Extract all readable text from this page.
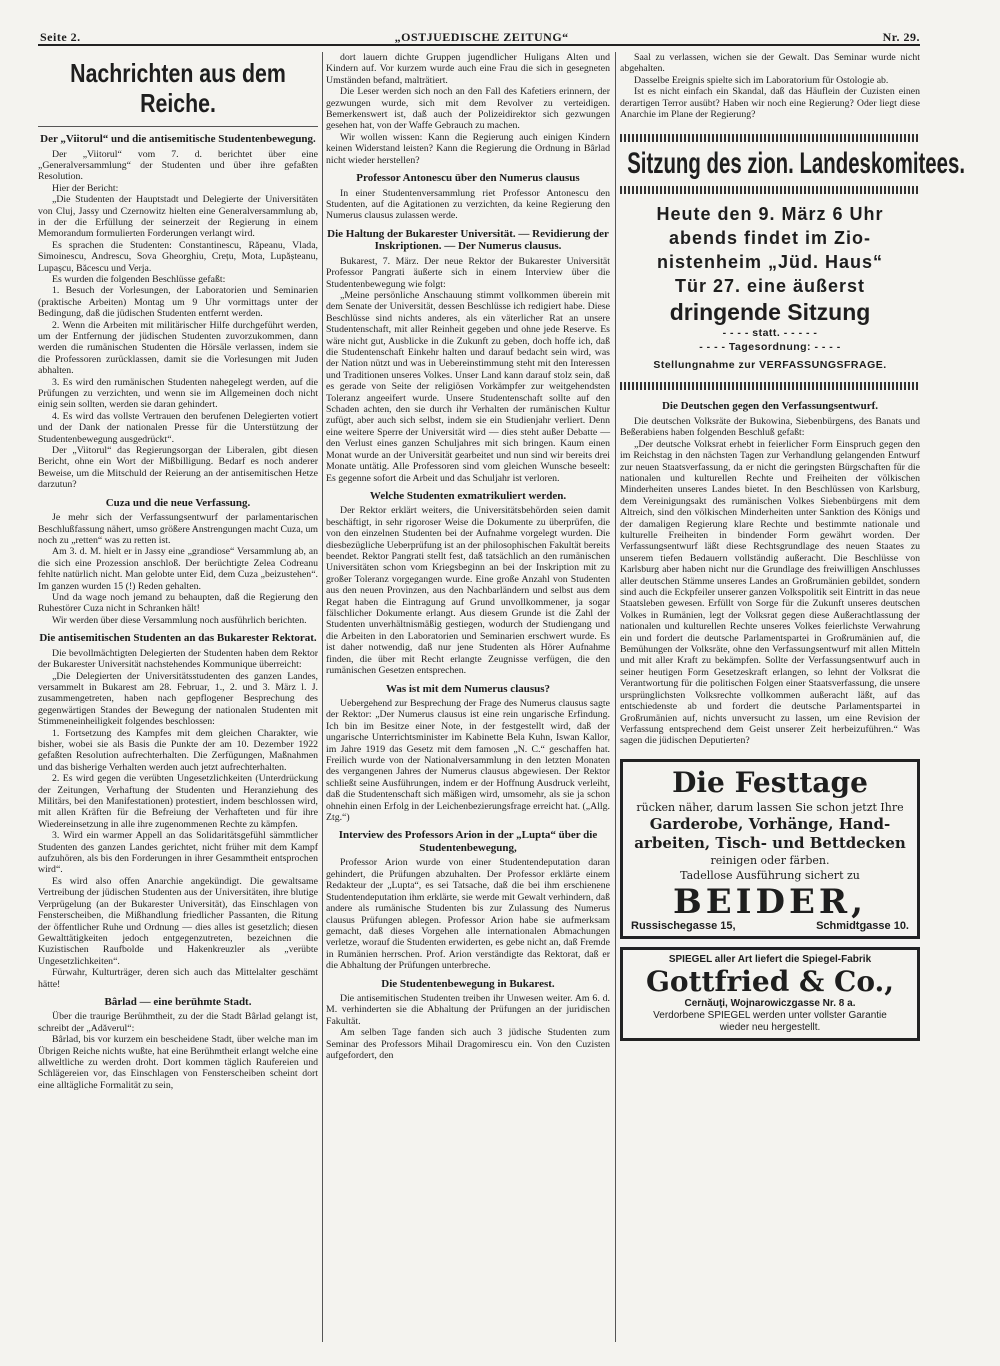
Seite 2.	„OSTJUEDISCHE ZEITUNG“	Nr. 29.
Nachrichten aus dem Reiche.
Der „Viitorul“ und die antisemitische Studentenbewegung.

Der „Viitorul“ vom 7. d. berichtet über eine „Generalversammlung“ der Studenten und über ihre gefaßten Resolution.

Hier der Bericht:

„Die Studenten der Hauptstadt und Delegierte der Universitäten von Cluj, Jassy und Czernowitz hielten eine Generalversammlung ab, in der die Erfüllung der seinerzeit der Regierung in einem Memorandum formulierten Forderungen verlangt wird.

Es sprachen die Studenten: Constantinescu, Răpeanu, Vlada, Simoinescu, Andrescu, Sova Gheorghiu, Crețu, Mota, Lupășteanu, Lupașcu, Băcescu und Verja.

Es wurden die folgenden Beschlüsse gefaßt:

1. Besuch der Vorlesungen, der Laboratorien und Seminarien (praktische Arbeiten) Montag um 9 Uhr vormittags unter der Bedingung, daß die jüdischen Studenten entfernt werden.

2. Wenn die Arbeiten mit militärischer Hilfe durchgeführt werden, um der Entfernung der jüdischen Studenten zuvorzukommen, dann werden die rumänischen Studenten die Hörsäle verlassen, indem sie die Professoren zurücklassen, damit sie die Vorlesungen mit Juden abhalten.

3. Es wird den rumänischen Studenten nahegelegt werden, auf die Prüfungen zu verzichten, und wenn sie im Allgemeinen doch nicht einig sein sollten, werden sie daran gehindert.

4. Es wird das vollste Vertrauen den berufenen Delegierten votiert und der Dank der nationalen Presse für die Unterstützung der Studentenbewegung ausgedrückt“.

Der „Viitorul“ das Regierungsorgan der Liberalen, gibt diesen Bericht, ohne ein Wort der Mißbilligung. Bedarf es noch anderer Beweise, um die Mitschuld der Reierung an der antisemitischen Hetze darzutun?

Cuza und die neue Verfassung.

Je mehr sich der Verfassungsentwurf der parlamentarischen Beschlußfassung nähert, umso größere Anstrengungen macht Cuza, um noch zu „retten“ was zu retten ist.

Am 3. d. M. hielt er in Jassy eine „grandiose“ Versammlung ab, an die sich eine Prozession anschloß. Der berüchtigte Zelea Codreanu fehlte natürlich nicht. Man gelobte unter Eid, dem Cuza „beizustehen“. Im ganzen wurden 15 (!) Reden gehalten.

Und da wage noch jemand zu behaupten, daß die Regierung den Ruhestörer Cuza nicht in Schranken hält!

Wir werden über diese Versammlung noch ausführlich berichten.

Die antisemitischen Studenten an das Bukarester Rektorat.

Die bevollmächtigten Delegierten der Studenten haben dem Rektor der Bukarester Universität nachstehendes Kommunique überreicht:

„Die Delegierten der Universitätsstudenten des ganzen Landes, versammelt in Bukarest am 28. Februar, 1., 2. und 3. März l. J. zusammengetreten, haben nach gepflogener Besprechung des gegenwärtigen Standes der Bewegung der nationalen Studenten mit Stimmeneinheiligkeit folgendes beschlossen:

1. Fortsetzung des Kampfes mit dem gleichen Charakter, wie bisher, wobei sie als Basis die Punkte der am 10. Dezember 1922 gefaßten Resolution aufrechterhalten. Die Zerfügungen, Maßnahmen und das bisherige Verhalten werden auch jetzt aufrechterhalten.

2. Es wird gegen die verübten Ungesetzlichkeiten (Unterdrückung der Zeitungen, Verhaftung der Studenten und Heranziehung des Militärs, bei den Manifestationen) protestiert, indem beschlossen wird, mit allen Kräften für die Befreiung der Verhafteten und für ihre Wiedereinsetzung in alle ihre zugenommenen Rechte zu kämpfen.

3. Wird ein warmer Appell an das Solidaritätsgefühl sämmtlicher Studenten des ganzen Landes gerichtet, nicht früher mit dem Kampf aufzuhören, als bis den Forderungen in ihrer Gesammtheit entsprochen wird“.

Es wird also offen Anarchie angekündigt. Die gewaltsame Vertreibung der jüdischen Studenten aus der Universitäten, ihre blutige Verprügelung (an der Bukarester Universität), das Einschlagen von Fensterscheiben, die Mißhandlung friedlicher Passanten, die Ritung der öffentlicher Ruhe und Ordnung — dies alles ist gesetzlich; diesen Gewalttätigkeiten jedoch entgegenzutreten, bezeichnen die Kuzistischen Raufbolde und Hakenkreuzler als „verübte Ungesetzlichkeiten“.

Fürwahr, Kulturträger, deren sich auch das Mittelalter geschämt hätte!

Bârlad — eine berühmte Stadt.

Über die traurige Berühmtheit, zu der die Stadt Bârlad gelangt ist, schreibt der „Adăverul“:

Bârlad, bis vor kurzem ein bescheidene Stadt, über welche man im Übrigen Reiche nichts wußte, hat eine Berühmtheit erlangt welche eine allweltliche zu werden droht. Dort kommen täglich Raufereien und Schlägereien vor, das Einschlagen von Fensterscheiben scheint dort eine alltägliche Formalität zu sein,

dort lauern dichte Gruppen jugendlicher Huligans Alten und Kindern auf. Vor kurzem wurde auch eine Frau die sich in gesegneten Umständen befand, malträtiert.

Die Leser werden sich noch an den Fall des Kafetiers erinnern, der gezwungen wurde, sich mit dem Revolver zu verteidigen. Bemerkenswert ist, daß auch der Polizeidirektor sich gezwungen gesehen hat, von der Waffe Gebrauch zu machen.

Wir wollen wissen: Kann die Regierung auch einigen Kindern keinen Widerstand leisten? Kann die Regierung die Ordnung in Bârlad nicht wieder herstellen?

Professor Antonescu über den Numerus clausus

In einer Studentenversammlung riet Professor Antonescu den Studenten, auf die Agitationen zu verzichten, da keine Regierung den Numerus clausus zulassen werde.

Die Haltung der Bukarester Universität. — Revidierung der Inskriptionen. — Der Numerus clausus.

Bukarest, 7. März. Der neue Rektor der Bukarester Universität Professor Pangrati äußerte sich in einem Interview über die Studentenbewegung wie folgt:

„Meine persönliche Anschauung stimmt vollkommen überein mit dem Senate der Universität, dessen Beschlüsse ich redigiert habe. Diese Beschlüsse sind nichts anderes, als ein väterlicher Rat an unsere Studentenschaft, mit aller Reinheit gegeben und ohne jede Reserve. Es wäre nicht gut, Ausblicke in die Zukunft zu geben, doch hoffe ich, daß die Studentenschaft Einkehr halten und darauf bedacht sein wird, was der Nation nützt und was in Uebereinstimmung steht mit den Interessen und Traditionen unseres Volkes. Unser Land kann darauf stolz sein, daß es gerade von Seite der religiösen Vorkämpfer zur weitgehendsten Toleranz angeeifert wurde. Unsere Studentenschaft sollte auf den Schaden achten, den sie durch ihr Verhalten der rumänischen Kultur zufügt, aber auch sich selbst, indem sie ein Studienjahr verliert. Denn eine weitere Sperre der Universität wird — dies steht außer Debatte — den Verlust eines ganzen Schuljahres mit sich bringen. Kaum einen Monat wurde an der Universität gearbeitet und nun sind wir bereits drei Monate untätig. Alle Professoren sind vom gleichen Wunsche beseelt: Es gegenne sofort die Arbeit und das Schuljahr ist verloren.

Welche Studenten exmatrikuliert werden.

Der Rektor erklärt weiters, die Universitätsbehörden seien damit beschäftigt, in sehr rigoroser Weise die Dokumente zu überprüfen, die von den einzelnen Studenten bei der Aufnahme vorgelegt wurden. Die diesbezügliche Ueberprüfung ist an der philosophischen Fakultät bereits beendet. Rektor Pangrati stellt fest, daß tatsächlich an den rumänischen Universitäten schon vom Kriegsbeginn an bei der Inskription mit zu großer Toleranz vorgegangen wurde. Eine große Anzahl von Studenten aus den neuen Provinzen, aus den Nachbarländern und selbst aus dem Regat haben die Eintragung auf Grund unvollkommener, ja sogar fälschlicher Dokumente erlangt. Aus diesem Grunde ist die Zahl der Studenten unverhältnismäßig gestiegen, wodurch der Studiengang und die Arbeiten in den Laboratorien und Seminarien erschwert wurde. Es ist daher notwendig, daß nur jene Studenten als Hörer Aufnahme finden, die über mit Recht erlangte Zeugnisse verfügen, die den rumänischen Gesetzen entsprechen.

Was ist mit dem Numerus clausus?

Uebergehend zur Besprechung der Frage des Numerus clausus sagte der Rektor: „Der Numerus clausus ist eine rein ungarische Erfindung. Ich bin im Besitze einer Note, in der festgestellt wird, daß der ungarische Unterrichtsminister im Kabinette Bela Kuhn, Iswan Kallor, im Jahre 1919 das Gesetz mit dem famosen „N. C.“ geschaffen hat. Freilich wurde von der Nationalversammlung in den letzten Monaten des vergangenen Jahres der Numerus clausus abgewiesen. Der Rektor schließt seine Ausführungen, indem er der Hoffnung Ausdruck verleiht, daß die Studentenschaft sich mäßigen wird, umsomehr, als sie ja schon ohnehin einen Erfolg in der Leichenbezierungsfrage erreicht hat. („Allg. Ztg.“)

Interview des Professors Arion in der „Lupta“ über die Studentenbewegung,

Professor Arion wurde von einer Studentendeputation daran gehindert, die Prüfungen abzuhalten. Der Professor erklärte einem Redakteur der „Lupta“, es sei Tatsache, daß die bei ihm erschienene Studentendeputation ihm erklärte, sie werde mit Gewalt verhindern, daß andere als rumänische Studenten bis zur Zulassung des Numerus clausus Prüfungen ablegen. Professor Arion habe sie aufmerksam gemacht, daß dieses Vorgehen alle internationalen Abmachungen verletze, worauf die Studenten erwiderten, es gebe nicht an, daß Fremde in Rumänien herrschen. Prof. Arion verständigte das Rektorat, daß er die Abhaltung der Prüfungen unterbreche.

Die Studentenbewegung in Bukarest.

Die antisemitischen Studenten treiben ihr Unwesen weiter. Am 6. d. M. verhinderten sie die Abhaltung der Prüfungen an der juridischen Fakultät.

Am selben Tage fanden sich auch 3 jüdische Studenten zum Seminar des Professors Mihail Dragomirescu ein. Von den Cuzisten aufgefordert, den

Saal zu verlassen, wichen sie der Gewalt. Das Seminar wurde nicht abgehalten.

Dasselbe Ereignis spielte sich im Laboratorium für Ostologie ab.

Ist es nicht einfach ein Skandal, daß das Häuflein der Cuzisten einen derartigen Terror ausübt? Haben wir noch eine Regierung? Oder liegt diese Anarchie im Plane der Regierung?

Sitzung des zion. Landeskomitees.
Heute den 9. März 6 Uhr
abends findet im Zio-
nistenheim „Jüd. Haus“
Tür 27. eine äußerst
dringende Sitzung
- - - - statt. - - - - -
- - - - Tagesordnung: - - - -
Stellungnahme zur VERFASSUNGSFRAGE.
Die Deutschen gegen den Verfassungsentwurf.

Die deutschen Volksräte der Bukowina, Siebenbürgens, des Banats und Beßerabiens haben folgenden Beschluß gefaßt:

„Der deutsche Volksrat erhebt in feierlicher Form Einspruch gegen den im Reichstag in den nächsten Tagen zur Verhandlung gelangenden Entwurf zur neuen Staatsverfassung, da er nicht die geringsten Bürgschaften für die nationalen und kulturellen Rechte und Freiheiten der völkischen Minderheiten unseres Landes bietet. In den Beschlüssen von Karlsburg, dem Vereinigungsakt des rumänischen Volkes Siebenbürgens mit dem Altreich, sind den völkischen Minderheiten unter Sanktion des Königs und der damaligen Regierung klare Rechte und bestimmte nationale und kulturelle Freiheiten in bindender Form gewährt worden. Der Verfassungsentwurf läßt diese Rechtsgrundlage des neuen Staates zu unserem tiefen Bedauern vollständig außeracht. Die Beschlüsse von Karlsburg aber haben nicht nur die Grundlage des freiwilligen Anschlusses aller deutschen Stämme unseres Landes an Großrumänien gebildet, sondern sind auch die Eckpfeiler unserer ganzen Volkspolitik seit Eintritt in das neue Staatsleben gewesen. Erfüllt von Sorge für die Zukunft unseres deutschen Volkes in Rumänien, legt der Volksrat gegen diese Außerachtlassung der nationalen und kulturellen Rechte unseres Volkes feierlichste Verwahrung ein und fordert die deutsche Parlamentspartei in Großrumänien auf, die Bemühungen der Volksräte, ohne den Verfassungsentwurf mit allen Mitteln und mit aller Kraft zu bekämpfen. Sollte der Verfassungsentwurf auch in seiner heutigen Form Gesetzeskraft erlangen, so lehnt der Volksrat die Verantwortung für die politischen Folgen einer Staatsverfassung, die unsere ursprünglichsten Volksrechte vollkommen außeracht läßt, auf das entschiedenste ab und fordert die deutsche Parlamentspartei in Großrumänien auf, nichts unversucht zu lassen, um eine Revision der Verfassung entsprechend dem Geist unserer Zeit herbeizuführen.“ Was sagen die jüdischen Deputierten?

Die Festtage
rücken näher, darum lassen Sie schon jetzt Ihre
Garderobe, Vorhänge, Hand-
arbeiten, Tisch- und Bettdecken
reinigen oder färben.
Tadellose Ausführung sichert zu
BEIDER,
Russischegasse 15,	Schmidtgasse 10.
SPIEGEL aller Art liefert die Spiegel-Fabrik
Gottfried & Co.,
Cernăuţi, Wojnarowiczgasse Nr. 8 a.
Verdorbene SPIEGEL werden unter vollster Garantie
wieder neu hergestellt.
